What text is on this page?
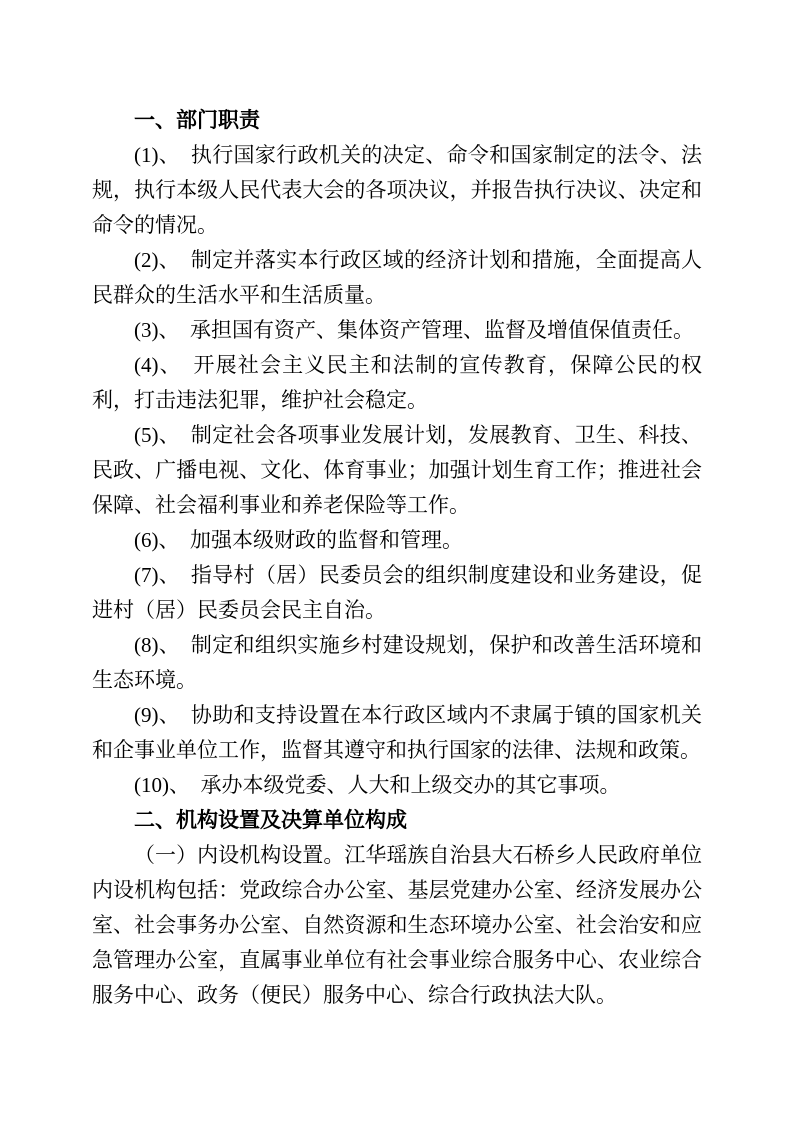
一、部门职责

(1)、　执行国家行政机关的决定、命令和国家制定的法令、法规，执行本级人民代表大会的各项决议，并报告执行决议、决定和命令的情况。

(2)、　制定并落实本行政区域的经济计划和措施，全面提高人民群众的生活水平和生活质量。

(3)、　承担国有资产、集体资产管理、监督及增值保值责任。

(4)、　开展社会主义民主和法制的宣传教育，保障公民的权利，打击违法犯罪，维护社会稳定。

(5)、　制定社会各项事业发展计划，发展教育、卫生、科技、民政、广播电视、文化、体育事业；加强计划生育工作；推进社会保障、社会福利事业和养老保险等工作。

(6)、　加强本级财政的监督和管理。

(7)、　指导村（居）民委员会的组织制度建设和业务建设，促进村（居）民委员会民主自治。

(8)、　制定和组织实施乡村建设规划，保护和改善生活环境和生态环境。

(9)、　协助和支持设置在本行政区域内不隶属于镇的国家机关和企事业单位工作，监督其遵守和执行国家的法律、法规和政策。

(10)、　承办本级党委、人大和上级交办的其它事项。

二、机构设置及决算单位构成

（一）内设机构设置。江华瑶族自治县大石桥乡人民政府单位内设机构包括：党政综合办公室、基层党建办公室、经济发展办公室、社会事务办公室、自然资源和生态环境办公室、社会治安和应急管理办公室，直属事业单位有社会事业综合服务中心、农业综合服务中心、政务（便民）服务中心、综合行政执法大队。
